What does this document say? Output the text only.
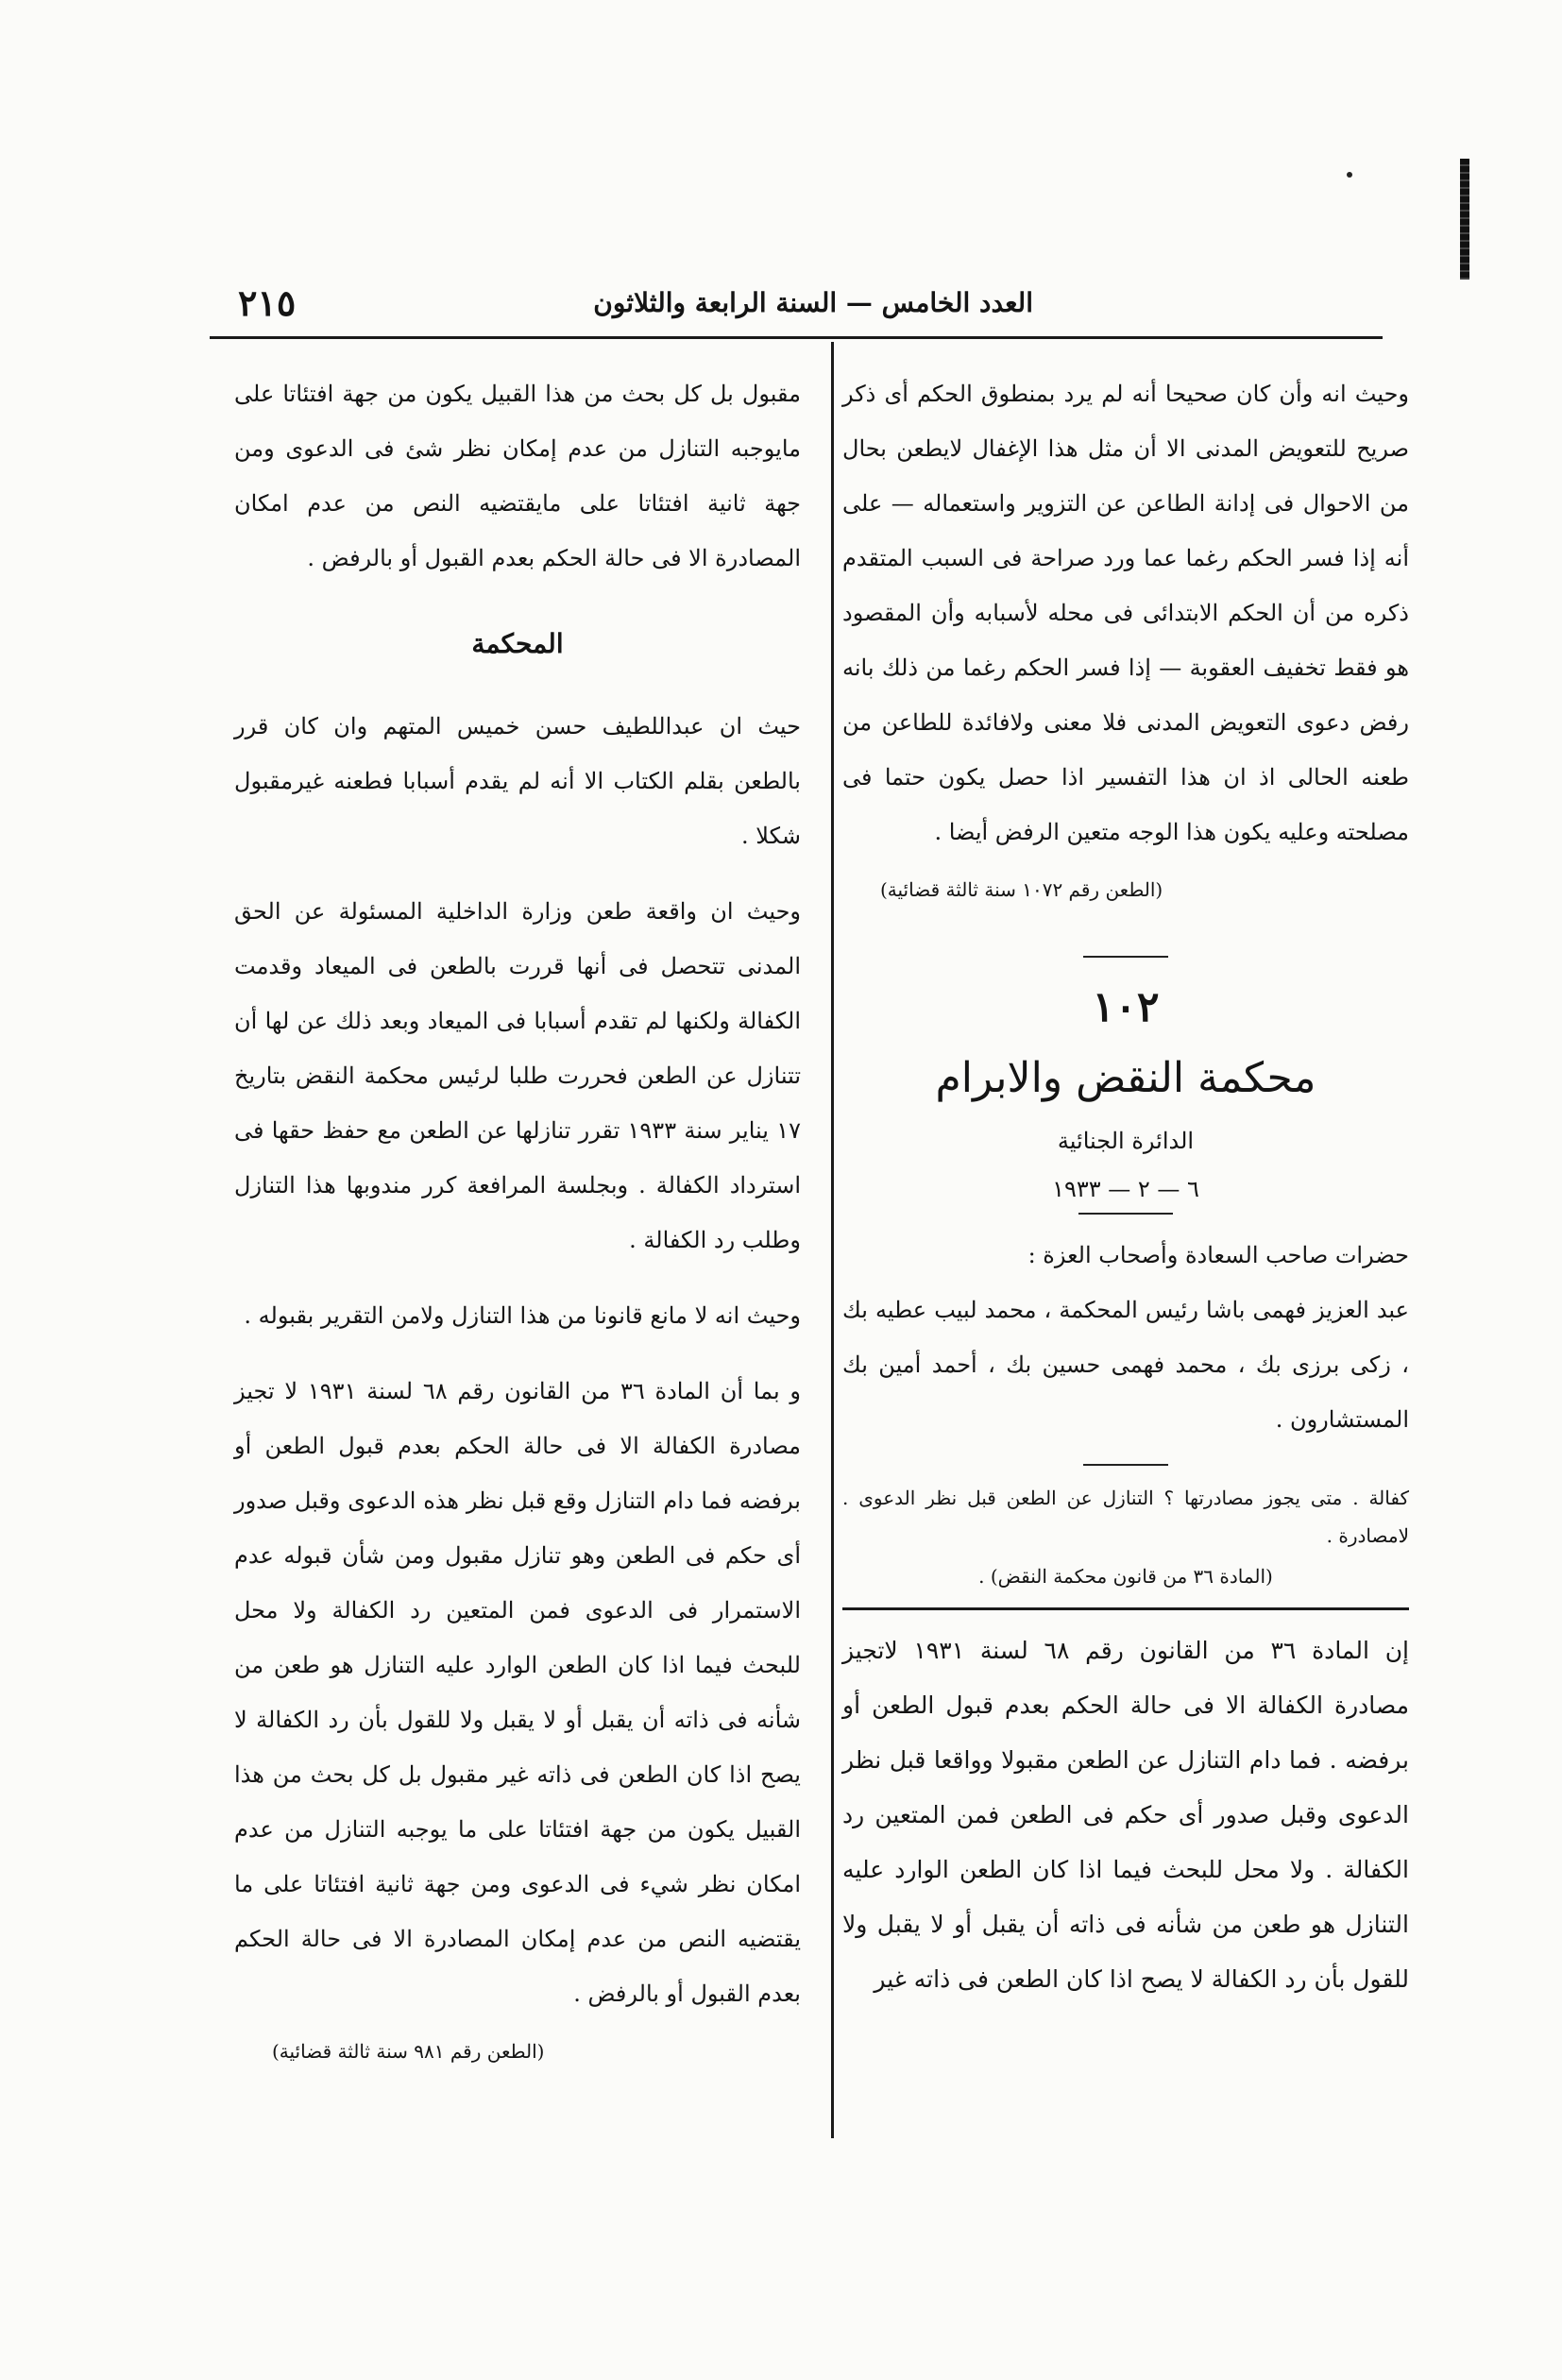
العدد الخامس — السنة الرابعة والثلاثون
٢١٥

وحيث انه وأن كان صحيحا أنه لم يرد بمنطوق الحكم أى ذكر صريح للتعويض المدنى الا أن مثل هذا الإغفال لايطعن بحال من الاحوال فى إدانة الطاعن عن التزوير واستعماله — على أنه إذا فسر الحكم رغما عما ورد صراحة فى السبب المتقدم ذكره من أن الحكم الابتدائى فى محله لأسبابه وأن المقصود هو فقط تخفيف العقوبة — إذا فسر الحكم رغما من ذلك بانه رفض دعوى التعويض المدنى فلا معنى ولافائدة للطاعن من طعنه الحالى اذ ان هذا التفسير اذا حصل يكون حتما فى مصلحته وعليه يكون هذا الوجه متعين الرفض أيضا .

(الطعن رقم ١٠٧٢ سنة ثالثة قضائية)

١٠٢
محكمة النقض والابرام
الدائرة الجنائية
٦ — ٢ — ١٩٣٣

حضرات صاحب السعادة وأصحاب العزة :

عبد العزيز فهمى باشا رئيس المحكمة ، محمد لبيب عطيه بك ، زكى برزى بك ، محمد فهمى حسين بك ، أحمد أمين بك المستشارون .

كفالة . متى يجوز مصادرتها ؟ التنازل عن الطعن قبل نظر الدعوى . لامصادرة .

(المادة ٣٦ من قانون محكمة النقض) .

إن المادة ٣٦ من القانون رقم ٦٨ لسنة ١٩٣١ لاتجيز مصادرة الكفالة الا فى حالة الحكم بعدم قبول الطعن أو برفضه . فما دام التنازل عن الطعن مقبولا وواقعا قبل نظر الدعوى وقبل صدور أى حكم فى الطعن فمن المتعين رد الكفالة . ولا محل للبحث فيما اذا كان الطعن الوارد عليه التنازل هو طعن من شأنه فى ذاته أن يقبل أو لا يقبل ولا للقول بأن رد الكفالة لا يصح اذا كان الطعن فى ذاته غير

مقبول بل كل بحث من هذا القبيل يكون من جهة افتئاتا على مايوجبه التنازل من عدم إمكان نظر شئ فى الدعوى ومن جهة ثانية افتئاتا على مايقتضيه النص من عدم امكان المصادرة الا فى حالة الحكم بعدم القبول أو بالرفض .

المحكمة

حيث ان عبداللطيف حسن خميس المتهم وان كان قرر بالطعن بقلم الكتاب الا أنه لم يقدم أسبابا فطعنه غيرمقبول شكلا .

وحيث ان واقعة طعن وزارة الداخلية المسئولة عن الحق المدنى تتحصل فى أنها قررت بالطعن فى الميعاد وقدمت الكفالة ولكنها لم تقدم أسبابا فى الميعاد وبعد ذلك عن لها أن تتنازل عن الطعن فحررت طلبا لرئيس محكمة النقض بتاريخ ١٧ يناير سنة ١٩٣٣ تقرر تنازلها عن الطعن مع حفظ حقها فى استرداد الكفالة . وبجلسة المرافعة كرر مندوبها هذا التنازل وطلب رد الكفالة .

وحيث انه لا مانع قانونا من هذا التنازل ولامن التقرير بقبوله .

و بما أن المادة ٣٦ من القانون رقم ٦٨ لسنة ١٩٣١ لا تجيز مصادرة الكفالة الا فى حالة الحكم بعدم قبول الطعن أو برفضه فما دام التنازل وقع قبل نظر هذه الدعوى وقبل صدور أى حكم فى الطعن وهو تنازل مقبول ومن شأن قبوله عدم الاستمرار فى الدعوى فمن المتعين رد الكفالة ولا محل للبحث فيما اذا كان الطعن الوارد عليه التنازل هو طعن من شأنه فى ذاته أن يقبل أو لا يقبل ولا للقول بأن رد الكفالة لا يصح اذا كان الطعن فى ذاته غير مقبول بل كل بحث من هذا القبيل يكون من جهة افتئاتا على ما يوجبه التنازل من عدم امكان نظر شيء فى الدعوى ومن جهة ثانية افتئاتا على ما يقتضيه النص من عدم إمكان المصادرة الا فى حالة الحكم بعدم القبول أو بالرفض .

(الطعن رقم ٩٨١ سنة ثالثة قضائية)
